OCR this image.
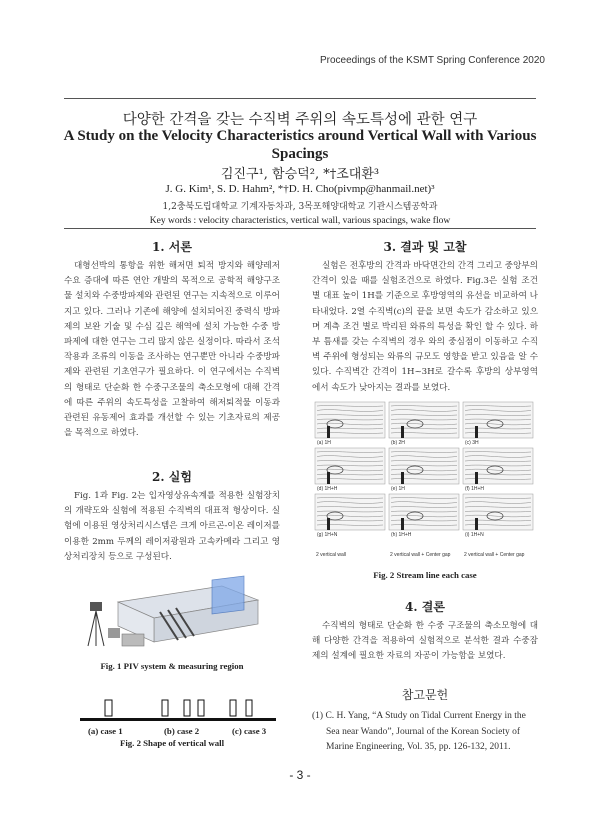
Proceedings of the KSMT Spring Conference 2020
다양한 간격을 갖는 수직벽 주위의 속도특성에 관한 연구
A Study on the Velocity Characteristics around Vertical Wall with Various Spacings
김진구¹, 함승덕², *†조대환³
J. G. Kim¹, S. D. Hahm², *†D. H. Cho(pivmp@hanmail.net)³
1,2충북도립대학교 기계자동차과, 3목포해양대학교 기관시스템공학과
Key words : velocity characteristics, vertical wall, various spacings, wake flow

1. 서론

대형선박의 통항을 위한 해저면 퇴적 방지와 해양레저 수요 증대에 따른 연안 개발의 목적으로 공학적 해양구조물 설치와 수중방파제와 관련된 연구는 지속적으로 이루어지고 있다. 그러나 기존에 해양에 설치되어진 중력식 방파제의 보완 기술 및 수심 깊은 해역에 설치 가능한 수중 방파제에 대한 연구는 그리 많지 않은 실정이다. 따라서 조석작용과 조류의 이동을 조사하는 연구뿐만 아니라 수중방파제와 관련된 기초연구가 필요하다. 이 연구에서는 수직벽의 형태로 단순화 한 수중구조물의 축소모형에 대해 간격에 따른 주위의 속도특성을 고찰하여 해저퇴적물 이동과 관련된 유동제어 효과를 개선할 수 있는 기초자료의 제공을 목적으로 하였다.

2. 실험

Fig. 1과 Fig. 2는 입자영상유속계를 적용한 실험장치의 개략도와 실험에 적용된 수직벽의 대표적 형상이다. 실험에 이용된 영상처리시스템은 크게 아르곤-이온 레이저를 이용한 2mm 두께의 레이저광원과 고속카메라 그리고 영상처리장치 등으로 구성된다.

Fig. 1 PIV system & measuring region
(a) case 1	(b) case 2	(c) case 3
Fig. 2 Shape of vertical wall

3. 결과 및 고찰

실험은 전후방의 간격과 바닥면간의 간격 그리고 중앙부의 간격이 있을 때를 실험조건으로 하였다. Fig.3은 실험 조건별 대표 높이 1H를 기준으로 후방영역의 유선을 비교하여 나타내었다. 2열 수직벽(c)의 끝을 보면 속도가 감소하고 있으며 계측 조건 별로 박리된 와류의 특성을 확인 할 수 있다. 하부 틈새를 갖는 수직벽의 경우 와의 중심점이 이동하고 수직벽 주위에 형성되는 와류의 규모도 영향을 받고 있음을 알 수 있다. 수직벽간 간격이 1H~3H로 갈수록 후방의 상부영역에서 속도가 낮아지는 결과를 보였다.

(a) 1H	(b) 2H	(c) 3H
(d) 1H+H	(e) 1H	(f) 1H+H
(g) 1H+N	(h) 1H+H	(i) 1H+N
2 vertical wall	2 vertical wall + Center gap	2 vertical wall + Center gap
Fig. 2 Stream line each case

4. 결론

수직벽의 형태로 단순화 한 수중 구조물의 축소모형에 대해 다양한 간격을 적용하여 실험적으로 분석한 결과 수중잠제의 설계에 필요한 자료의 자공이 가능함을 보였다.

참고문헌

(1) C. H. Yang, “A Study on Tidal Current Energy in the Sea near Wando”, Journal of the Korean Society of Marine Engineering, Vol. 35, pp. 126-132, 2011.
- 3 -
